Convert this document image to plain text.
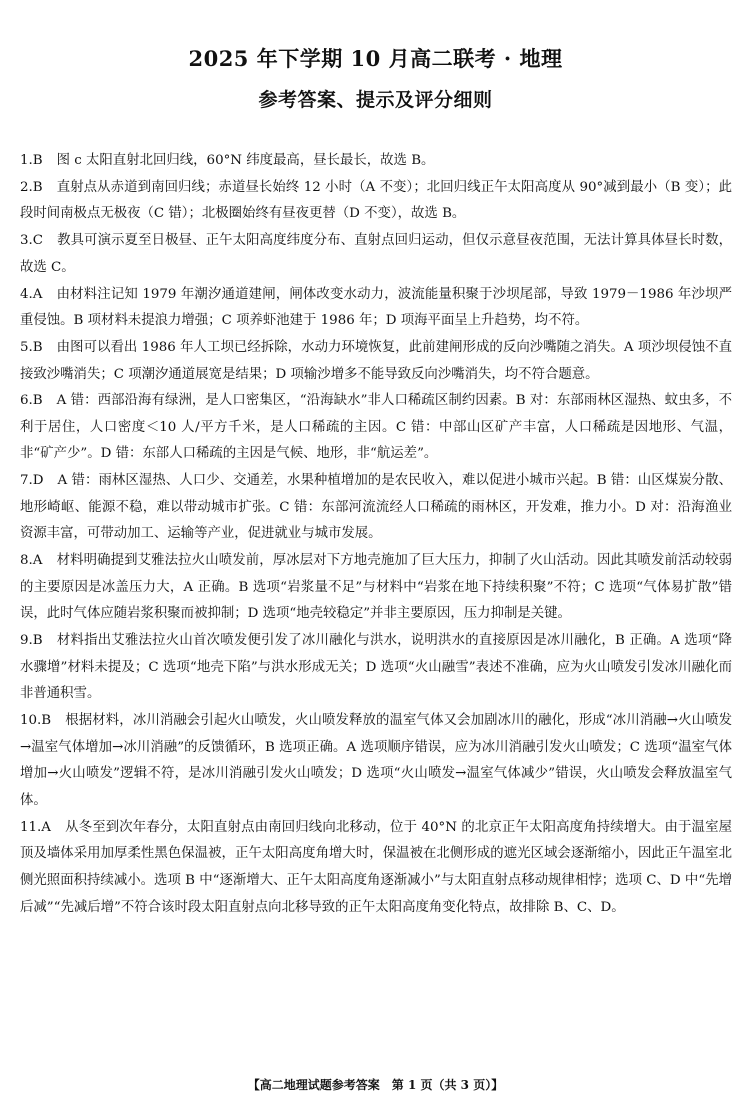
2025 年下学期 10 月高二联考 · 地理
参考答案、提示及评分细则

1.B 图 c 太阳直射北回归线，60°N 纬度最高，昼长最长，故选 B。

2.B 直射点从赤道到南回归线；赤道昼长始终 12 小时（A 不变）；北回归线正午太阳高度从 90°减到最小（B 变）；此段时间南极点无极夜（C 错）；北极圈始终有昼夜更替（D 不变），故选 B。

3.C 教具可演示夏至日极昼、正午太阳高度纬度分布、直射点回归运动，但仅示意昼夜范围，无法计算具体昼长时数，故选 C。

4.A 由材料注记知 1979 年潮汐通道建闸，闸体改变水动力，波流能量积聚于沙坝尾部，导致 1979－1986 年沙坝严重侵蚀。B 项材料未提浪力增强；C 项养虾池建于 1986 年；D 项海平面呈上升趋势，均不符。

5.B 由图可以看出 1986 年人工坝已经拆除，水动力环境恢复，此前建闸形成的反向沙嘴随之消失。A 项沙坝侵蚀不直接致沙嘴消失；C 项潮汐通道展宽是结果；D 项输沙增多不能导致反向沙嘴消失，均不符合题意。

6.B A 错：西部沿海有绿洲，是人口密集区，“沿海缺水”非人口稀疏区制约因素。B 对：东部雨林区湿热、蚊虫多，不利于居住，人口密度＜10 人/平方千米，是人口稀疏的主因。C 错：中部山区矿产丰富，人口稀疏是因地形、气温，非“矿产少”。D 错：东部人口稀疏的主因是气候、地形，非“航运差”。

7.D A 错：雨林区湿热、人口少、交通差，水果种植增加的是农民收入，难以促进小城市兴起。B 错：山区煤炭分散、地形崎岖、能源不稳，难以带动城市扩张。C 错：东部河流流经人口稀疏的雨林区，开发难，推力小。D 对：沿海渔业资源丰富，可带动加工、运输等产业，促进就业与城市发展。

8.A 材料明确提到艾雅法拉火山喷发前，厚冰层对下方地壳施加了巨大压力，抑制了火山活动。因此其喷发前活动较弱的主要原因是冰盖压力大，A 正确。B 选项“岩浆量不足”与材料中“岩浆在地下持续积聚”不符；C 选项“气体易扩散”错误，此时气体应随岩浆积聚而被抑制；D 选项“地壳较稳定”并非主要原因，压力抑制是关键。

9.B 材料指出艾雅法拉火山首次喷发便引发了冰川融化与洪水，说明洪水的直接原因是冰川融化，B 正确。A 选项“降水骤增”材料未提及；C 选项“地壳下陷”与洪水形成无关；D 选项“火山融雪”表述不准确，应为火山喷发引发冰川融化而非普通积雪。

10.B 根据材料，冰川消融会引起火山喷发，火山喷发释放的温室气体又会加剧冰川的融化，形成“冰川消融→火山喷发→温室气体增加→冰川消融”的反馈循环，B 选项正确。A 选项顺序错误，应为冰川消融引发火山喷发；C 选项“温室气体增加→火山喷发”逻辑不符，是冰川消融引发火山喷发；D 选项“火山喷发→温室气体减少”错误，火山喷发会释放温室气体。

11.A 从冬至到次年春分，太阳直射点由南回归线向北移动，位于 40°N 的北京正午太阳高度角持续增大。由于温室屋顶及墙体采用加厚柔性黑色保温被，正午太阳高度角增大时，保温被在北侧形成的遮光区域会逐渐缩小，因此正午温室北侧光照面积持续减小。选项 B 中“逐渐增大、正午太阳高度角逐渐减小”与太阳直射点移动规律相悖；选项 C、D 中“先增后减”“先减后增”不符合该时段太阳直射点向北移导致的正午太阳高度角变化特点，故排除 B、C、D。

【高二地理试题参考答案　第 1 页（共 3 页）】
